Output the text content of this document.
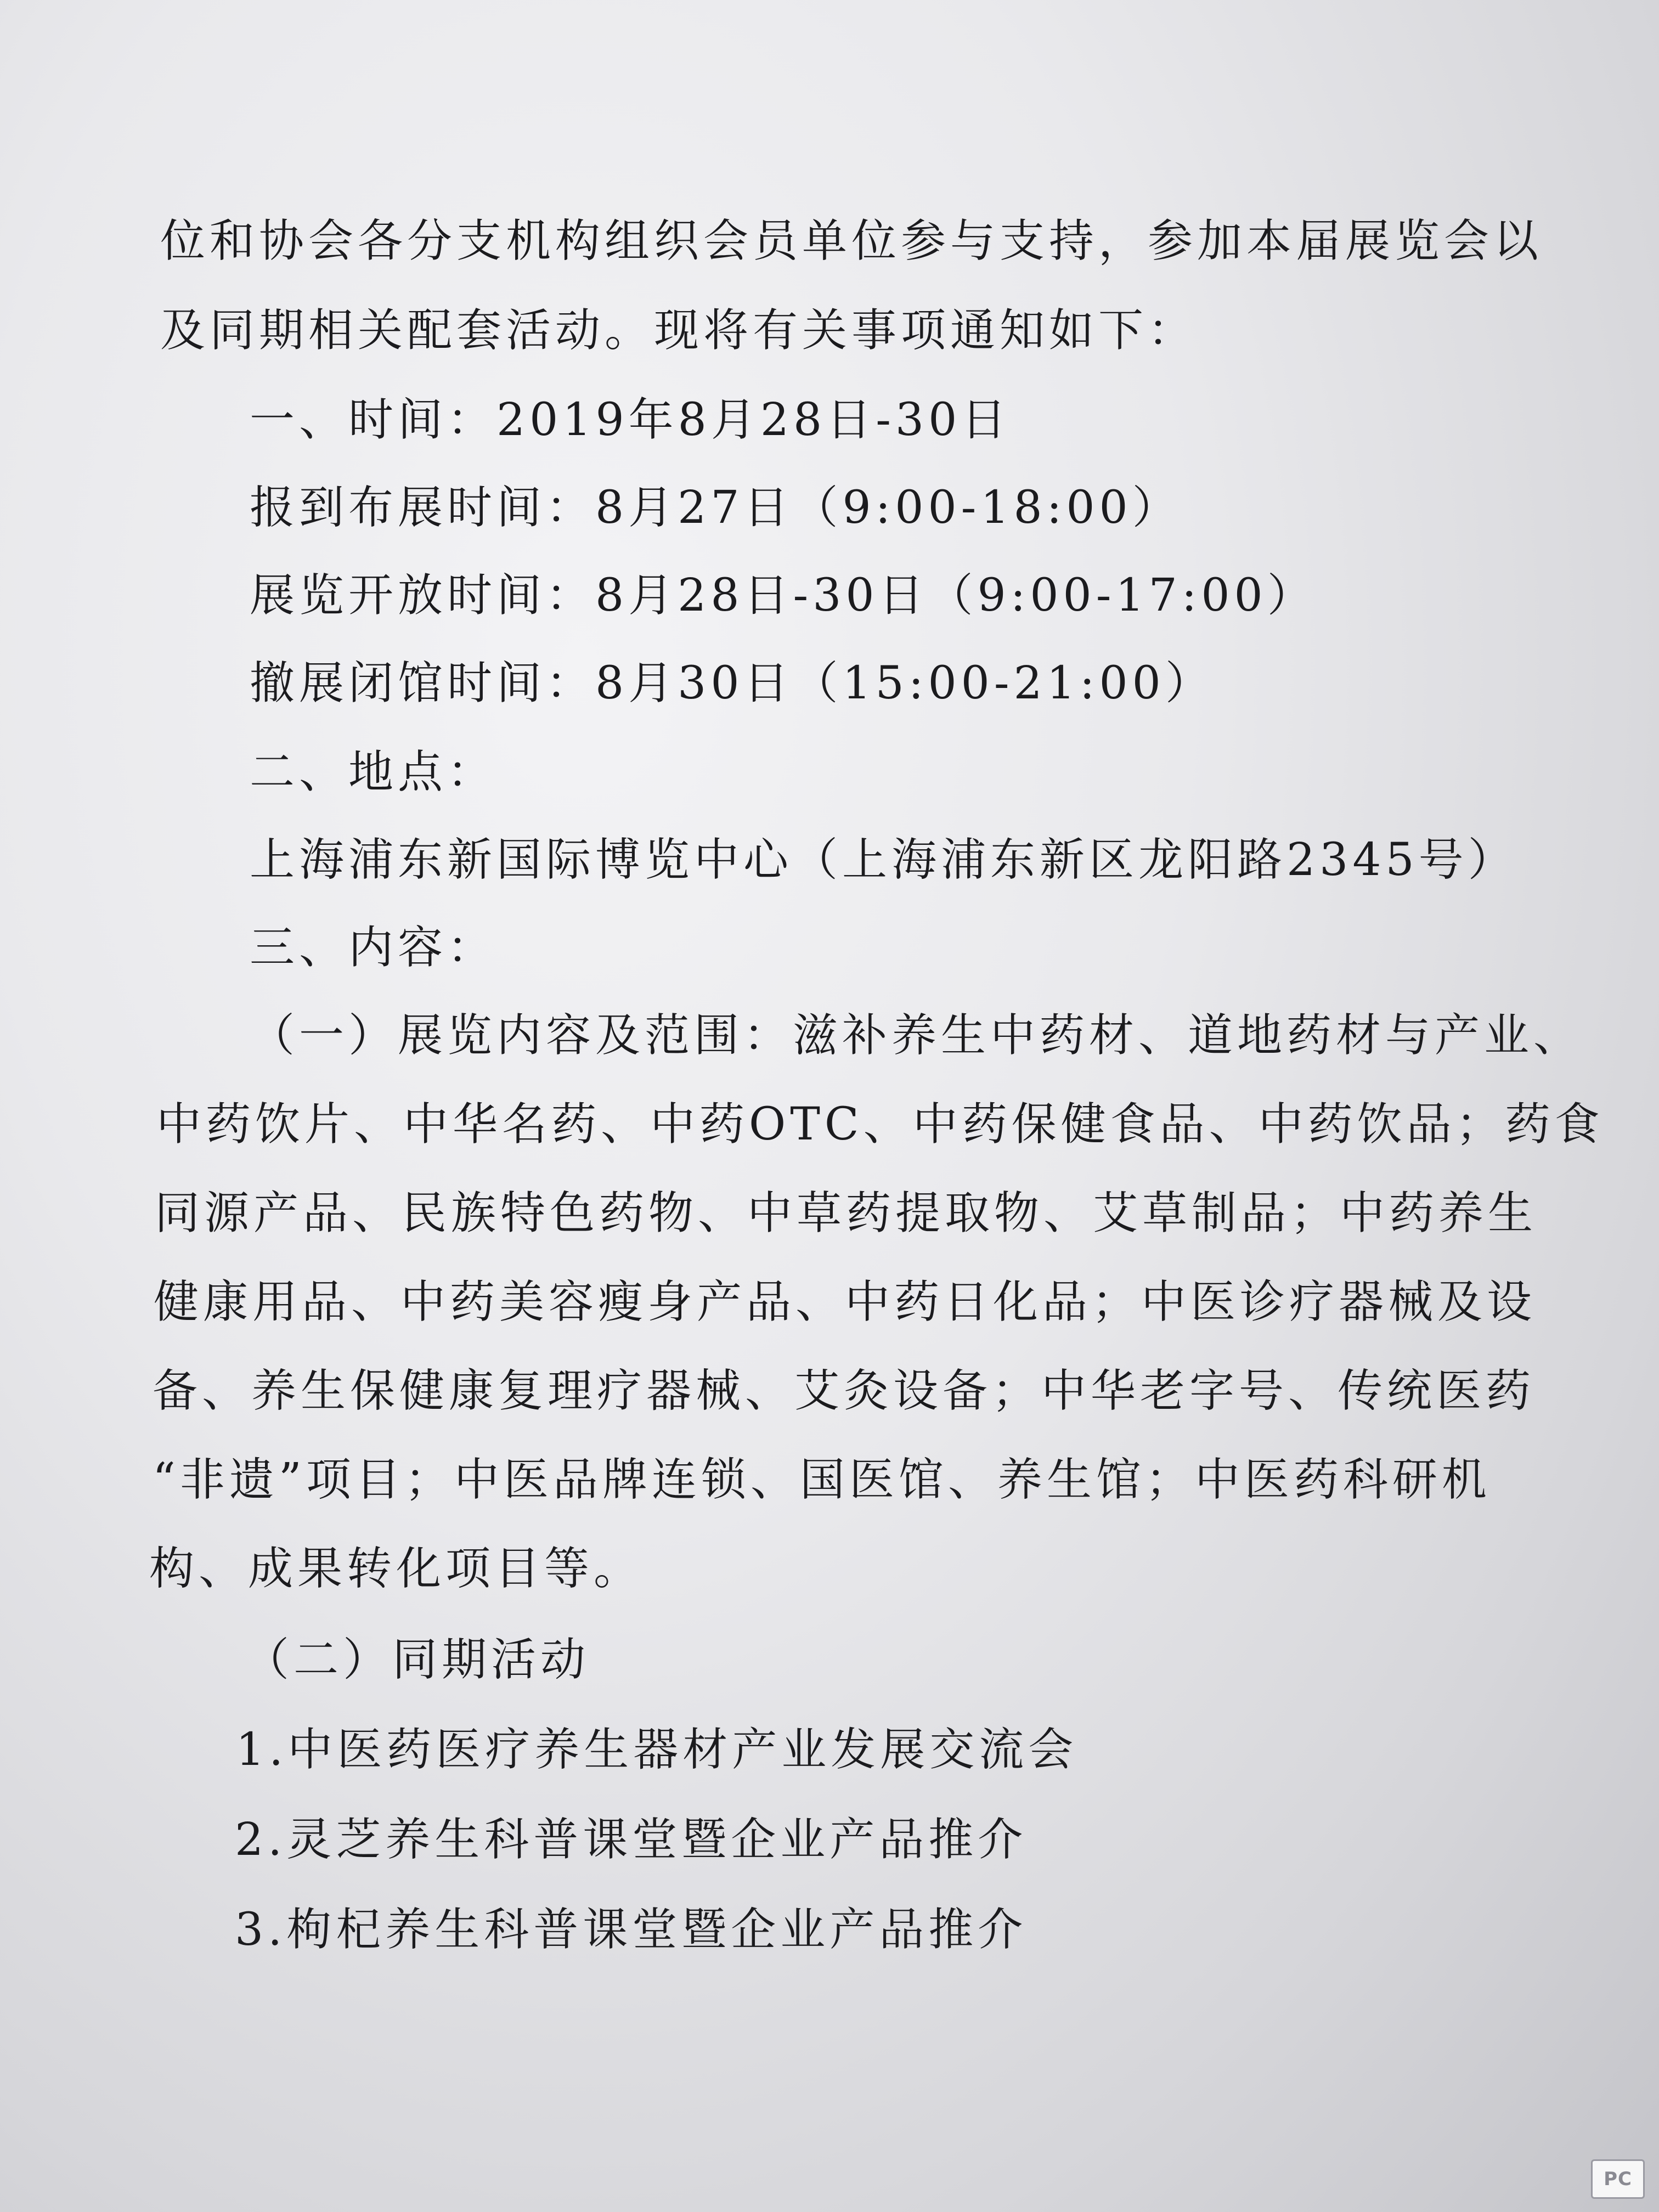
位和协会各分支机构组织会员单位参与支持，参加本届展览会以
及同期相关配套活动。现将有关事项通知如下：
一、时间：2019年8月28日-30日
报到布展时间：8月27日（9:00-18:00）
展览开放时间：8月28日-30日（9:00-17:00）
撤展闭馆时间：8月30日（15:00-21:00）
二、地点：
上海浦东新国际博览中心（上海浦东新区龙阳路2345号）
三、内容：
（一）展览内容及范围：滋补养生中药材、道地药材与产业、
中药饮片、中华名药、中药OTC、中药保健食品、中药饮品；药食
同源产品、民族特色药物、中草药提取物、艾草制品；中药养生
健康用品、中药美容瘦身产品、中药日化品；中医诊疗器械及设
备、养生保健康复理疗器械、艾灸设备；中华老字号、传统医药
“非遗”项目；中医品牌连锁、国医馆、养生馆；中医药科研机
构、成果转化项目等。
（二）同期活动
1.中医药医疗养生器材产业发展交流会
2.灵芝养生科普课堂暨企业产品推介
3.枸杞养生科普课堂暨企业产品推介
PC
